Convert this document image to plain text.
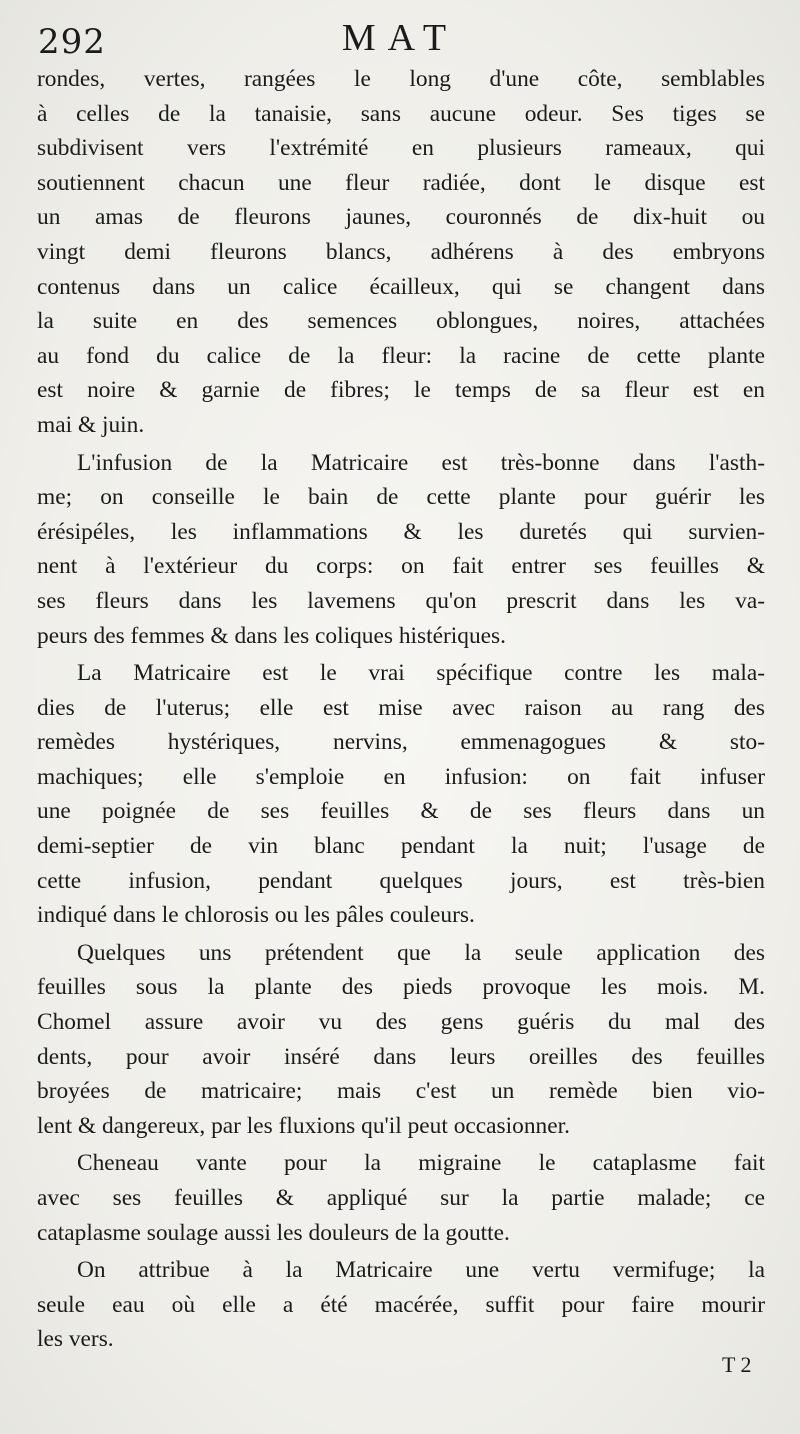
292	MAT
rondes, vertes, rangées le long d'une côte, semblables
à celles de la tanaisie, sans aucune odeur. Ses tiges se
subdivisent vers l'extrémité en plusieurs rameaux, qui
soutiennent chacun une fleur radiée, dont le disque est
un amas de fleurons jaunes, couronnés de dix-huit ou
vingt demi fleurons blancs, adhérens à des embryons
contenus dans un calice écailleux, qui se changent dans
la suite en des semences oblongues, noires, attachées
au fond du calice de la fleur: la racine de cette plante
est noire & garnie de fibres; le temps de sa fleur est en
mai & juin.
L'infusion de la Matricaire est très-bonne dans l'asth-
me; on conseille le bain de cette plante pour guérir les
érésipéles, les inflammations & les duretés qui survien-
nent à l'extérieur du corps: on fait entrer ses feuilles &
ses fleurs dans les lavemens qu'on prescrit dans les va-
peurs des femmes & dans les coliques histériques.
La Matricaire est le vrai spécifique contre les mala-
dies de l'uterus; elle est mise avec raison au rang des
remèdes hystériques, nervins, emmenagogues & sto-
machiques; elle s'emploie en infusion: on fait infuser
une poignée de ses feuilles & de ses fleurs dans un
demi-septier de vin blanc pendant la nuit; l'usage de
cette infusion, pendant quelques jours, est très-bien
indiqué dans le chlorosis ou les pâles couleurs.
Quelques uns prétendent que la seule application des
feuilles sous la plante des pieds provoque les mois. M.
Chomel assure avoir vu des gens guéris du mal des
dents, pour avoir inséré dans leurs oreilles des feuilles
broyées de matricaire; mais c'est un remède bien vio-
lent & dangereux, par les fluxions qu'il peut occasionner.
Cheneau vante pour la migraine le cataplasme fait
avec ses feuilles & appliqué sur la partie malade; ce
cataplasme soulage aussi les douleurs de la goutte.
On attribue à la Matricaire une vertu vermifuge; la
seule eau où elle a été macérée, suffit pour faire mourir
les vers.
T 2
